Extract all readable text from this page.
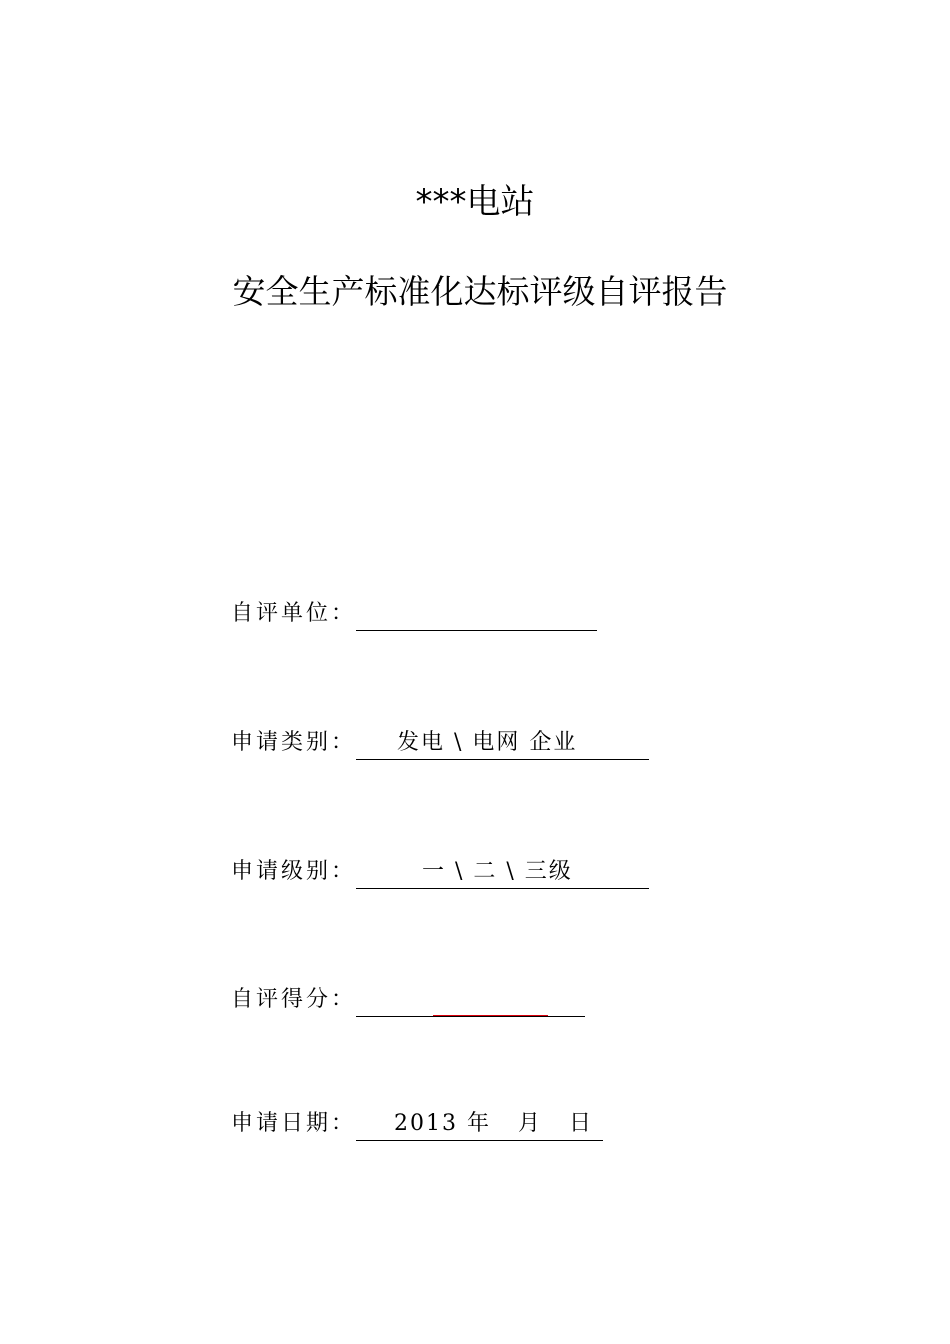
***电站
安全生产标准化达标评级自评报告
自评单位：
申请类别： 发电 \ 电网 企业
申请级别：	一 \ 二 \ 三级
自评得分：
申请日期： 2013 年   月   日
